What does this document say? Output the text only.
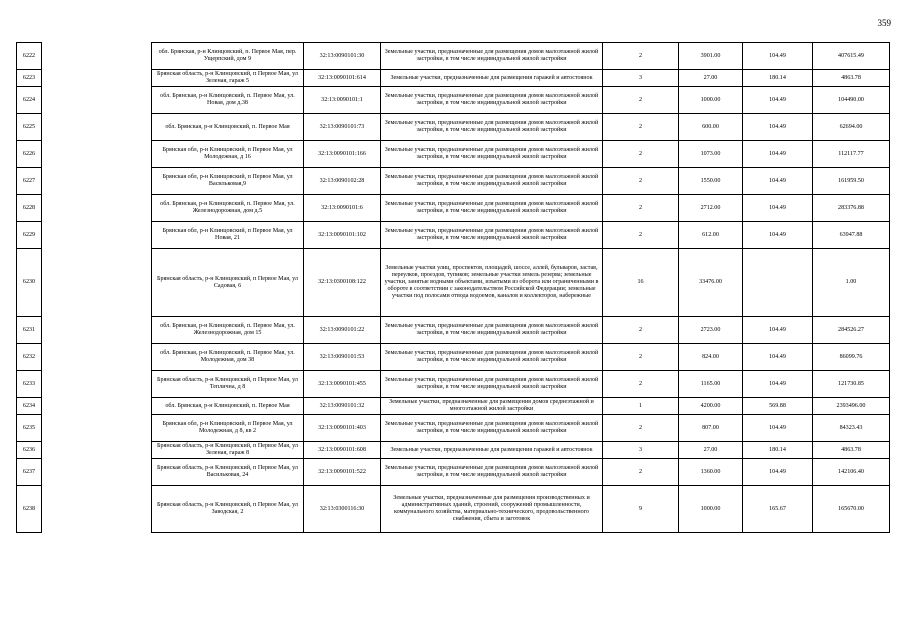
359
6222		обл. Брянская, р-н Клинцовский, п. Первое Мая, пер. Ущерпский, дом 9	32:13:0090101:30	Земельные участки, предназначенные для размещения домов малоэтажной жилой застройки, в том числе индивидуальной жилой застройки	2	3901.00	104.49	407615.49
6223		Брянская область, р-н Клинцовский, п Первое Мая, ул Зеленая, гараж 5	32:13:0090101:614	Земельные участки, предназначенные для размещения гаражей и автостоянок	3	27.00	180.14	4863.78
6224		обл. Брянская, р-н Клинцовский, п. Первое Мая, ул. Новая, дом д.38	32:13:0090101:1	Земельные участки, предназначенные для размещения домов малоэтажной жилой застройки, в том числе индивидуальной жилой застройки	2	1000.00	104.49	104490.00
6225		обл. Брянская, р-н Клинцовский, п. Первое Мая	32:13:0090101:73	Земельные участки, предназначенные для размещения домов малоэтажной жилой застройки, в том числе индивидуальной жилой застройки	2	600.00	104.49	62694.00
6226		Брянская обл, р-н Клинцовский, п Первое Мая, ул Молодежная, д 16	32:13:0090101:166	Земельные участки, предназначенные для размещения домов малоэтажной жилой застройки, в том числе индивидуальной жилой застройки	2	1073.00	104.49	112117.77
6227		Брянская обл, р-н Клинцовский, п Первое Мая, ул Васильковая,9	32:13:0090102:28	Земельные участки, предназначенные для размещения домов малоэтажной жилой застройки, в том числе индивидуальной жилой застройки	2	1550.00	104.49	161959.50
6228		обл. Брянская, р-н Клинцовский, п. Первое Мая, ул. Железнодорожная, дом д.5	32:13:0090101:6	Земельные участки, предназначенные для размещения домов малоэтажной жилой застройки, в том числе индивидуальной жилой застройки	2	2712.00	104.49	283376.88
6229		Брянская обл, р-н Клинцовский, п Первое Мая, ул Новая, 21	32:13:0090101:102	Земельные участки, предназначенные для размещения домов малоэтажной жилой застройки, в том числе индивидуальной жилой застройки	2	612.00	104.49	63947.88
6230		Брянская область, р-н Клинцовский, п Первое Мая, ул Садовая, 6	32:13:0300108:122	Земельные участки улиц, проспектов, площадей, шоссе, аллей, бульваров, застав, переулков, проездов, тупиков; земельные участки земель резерва; земельные участки, занятые водными объектами, изъятыми из оборота или ограниченными в обороте в соответствии с законодательством Российской Федерации; земельные участки под полосами отвода водоемов, каналов и коллекторов, набережные	16	33476.00		1.00
6231		обл. Брянская, р-н Клинцовский, п. Первое Мая, ул. Железнодорожная, дом 15	32:13:0090101:22	Земельные участки, предназначенные для размещения домов малоэтажной жилой застройки, в том числе индивидуальной жилой застройки	2	2723.00	104.49	284526.27
6232		обл. Брянская, р-н Клинцовский, п. Первое Мая, ул. Молодежная, дом 38	32:13:0090101:53	Земельные участки, предназначенные для размещения домов малоэтажной жилой застройки, в том числе индивидуальной жилой застройки	2	824.00	104.49	86099.76
6233		Брянская область, р-н Клинцовский, п Первое Мая, ул Теплична, д 8	32:13:0090101:455	Земельные участки, предназначенные для размещения домов малоэтажной жилой застройки, в том числе индивидуальной жилой застройки	2	1165.00	104.49	121730.85
6234		обл. Брянская, р-н Клинцовский, п. Первое Мая	32:13:0090101:32	Земельные участки, предназначенные для размещения домов среднеэтажной и многоэтажной жилой застройки	1	4200.00	569.88	2393496.00
6235		Брянская обл, р-н Клинцовский, п Первое Мая, ул Молодежная, д 8, кв 2	32:13:0090101:403	Земельные участки, предназначенные для размещения домов малоэтажной жилой застройки, в том числе индивидуальной жилой застройки	2	807.00	104.49	84323.43
6236		Брянская область, р-н Клинцовский, п Первое Мая, ул Зеленая, гараж 8	32:13:0090101:608	Земельные участки, предназначенные для размещения гаражей и автостоянок	3	27.00	180.14	4863.78
6237		Брянская область, р-н Клинцовский, п Первое Мая, ул Васильковая, 24	32:13:0090101:522	Земельные участки, предназначенные для размещения домов малоэтажной жилой застройки, в том числе индивидуальной жилой застройки	2	1360.00	104.49	142106.40
6238		Брянская область, р-н Клинцовский, п Первое Мая, ул Заводская, 2	32:13:0300116:30	Земельные участки, предназначенные для размещения производственных и административных зданий, строений, сооружений промышленности, коммунального хозяйства, материально-технического, продовольственного снабжения, сбыта и заготовок	9	1000.00	165.67	165670.00
